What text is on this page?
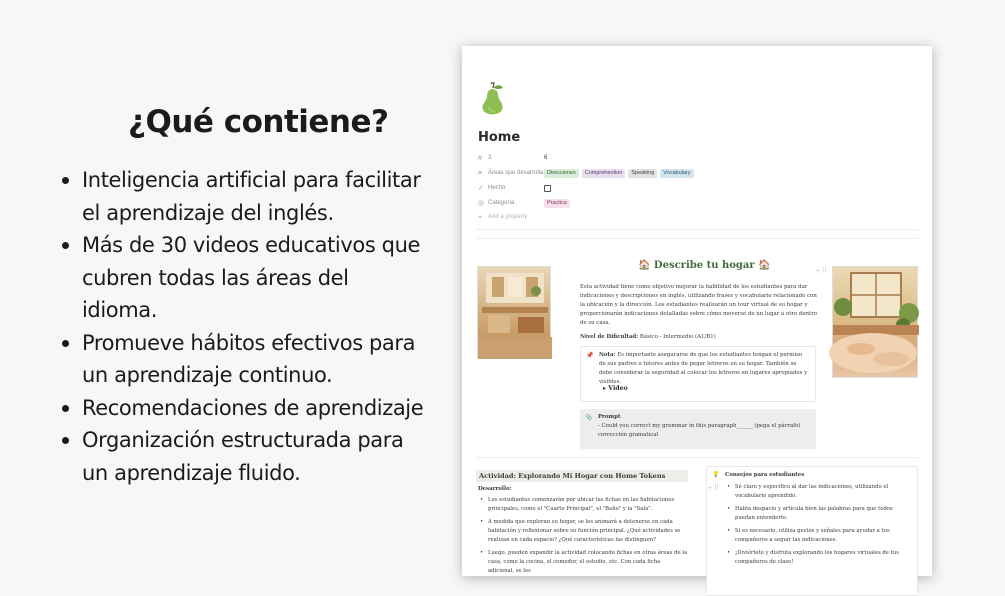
¿Qué contiene?
Inteligencia artificial para facilitar el aprendizaje del inglés.
Más de 30 videos educativos que cubren todas las áreas del idioma.
Promueve hábitos efectivos para un aprendizaje continuo.
Recomendaciones de aprendizaje
Organización estructurada para un aprendizaje fluido.
Home
#	3	6
≡ Áreas que desarrolla Direcciones	Comprehention	Speaking	Vocabulary
✓ Hecho
◎ Categoría	Practica
+ Add a property
🏠 Describe tu hogar 🏠
+ ⠿
Esta actividad tiene como objetivo mejorar la habilidad de los estudiantes para dar indicaciones y descripciones en inglés, utilizando frases y vocabulario relacionado con la ubicación y la dirección. Los estudiantes realizarán un tour virtual de su hogar y proporcionarán indicaciones detalladas sobre cómo moverse de un lugar a otro dentro de su casa.
Nivel de Dificultad: Básico - Intermedio (A1/B1)
📌 Nota: Es importante asegurarse de que los estudiantes tengan el permiso de sus padres o tutores antes de pegar letreros en su hogar. También se debe considerar la seguridad al colocar los letreros en lugares apropiados y visibles.
▸ Video
📎 Prompt
- Could you correct my grammar in this paragraph______ (pega el párrafo)
corrección gramatical
Actividad: Explorando Mi Hogar con Home Tokens
Desarrollo:
• Los estudiantes comenzarán por ubicar las fichas en las habitaciones principales, como el "Cuarto Principal", el "Baño" y la "Sala".
• A medida que exploran su hogar, se les animará a detenerse en cada habitación y reflexionar sobre su función principal. ¿Qué actividades se realizan en cada espacio? ¿Qué características las distinguen?
• Luego, pueden expandir la actividad colocando fichas en otras áreas de la casa, como la cocina, el comedor, el estudio, etc. Con cada ficha adicional, se les
💡 Consejos para estudiantes
• Sé claro y específico al dar las indicaciones, utilizando el vocabulario aprendido.
• Habla despacio y articula bien las palabras para que todos puedan entenderte.
• Si es necesario, utiliza gestos y señales para ayudar a tus compañeros a seguir las indicaciones.
• ¡Diviértete y disfruta explorando los hogares virtuales de tus compañeros de clase!
+ ⠿
